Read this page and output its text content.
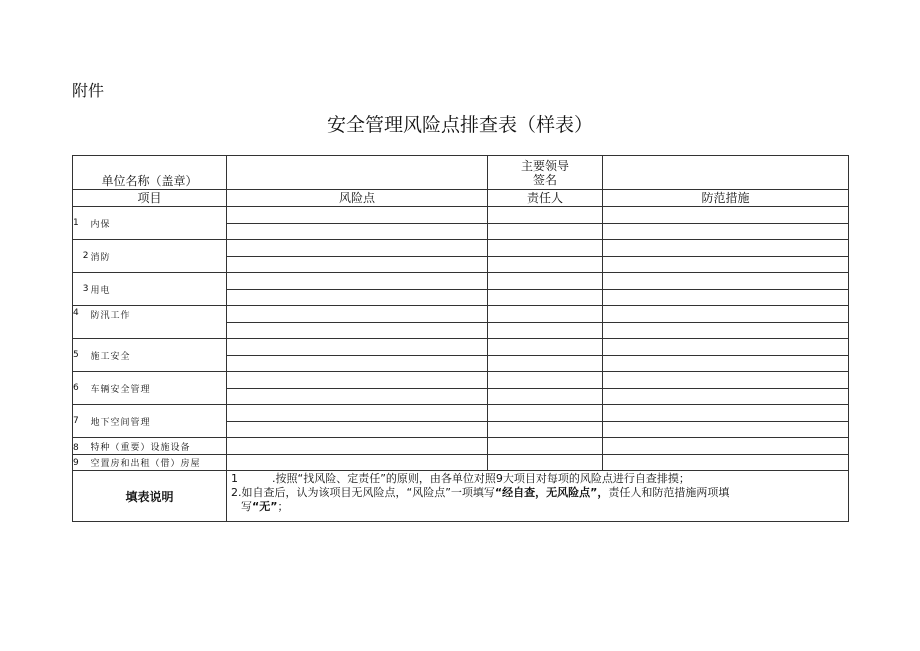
附件
安全管理风险点排查表（样表）
单位名称（盖章）			主要领导
签名	

项目		风险点	责任人	防范措施
1	内保			

2	消防			

3	用电			

4	防汛工作			

5	施工安全			

6	车辆安全管理			

7	地下空间管理			

8	特种（重要）设施设备			
9	空置房和出租（借）房屋			
填表说明		1 .按照“找风险、定责任”的原则，由各单位对照9大项目对每项的风险点进行自查排摸；
2.如自查后，认为该项目无风险点，“风险点”一项填写“经自查，无风险点”，责任人和防范措施两项填
写“无”；		
